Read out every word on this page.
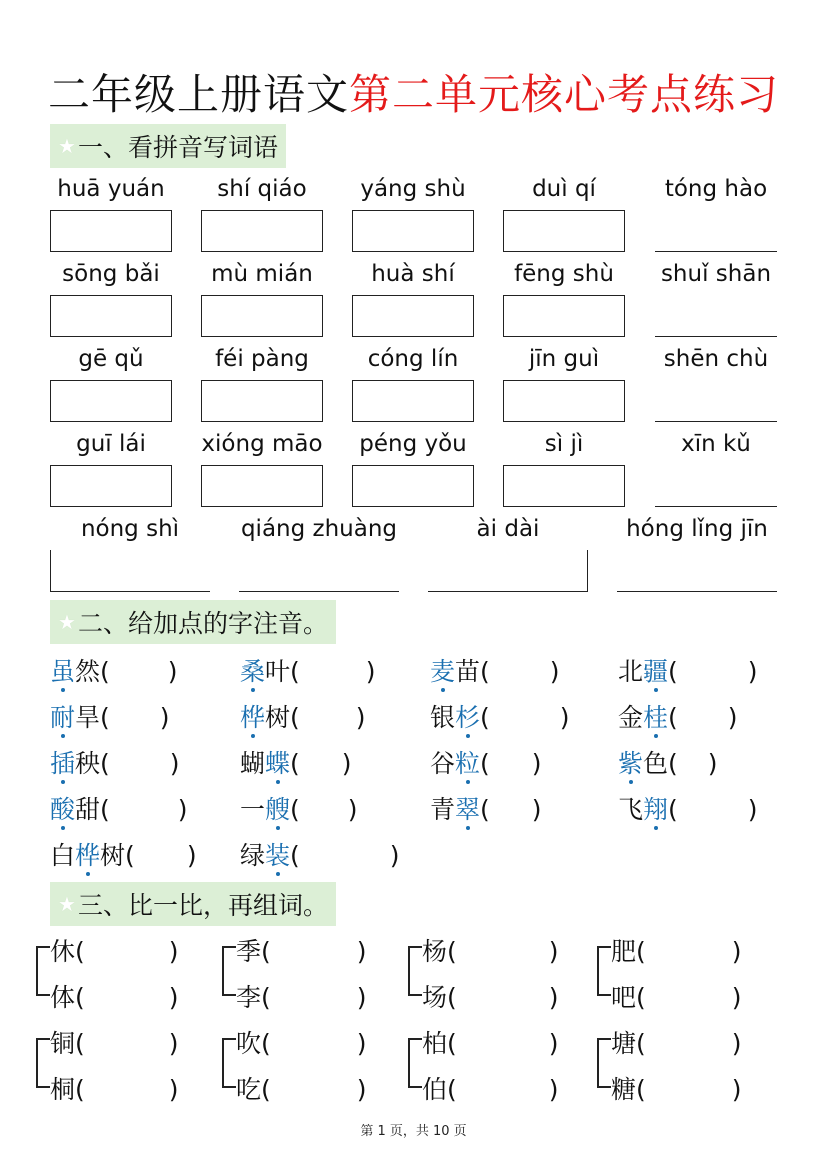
二年级上册语文第二单元核心考点练习
★ 一、看拼音写词语
huā yuán	shí qiáo	yáng shù	duì qí	tóng hào
sōng bǎi	mù mián	huà shí	fēng shù	shuǐ shān
gē qǔ	féi pàng	cóng lín	jīn guì	shēn chù
guī lái	xióng māo	péng yǒu	sì jì	xīn kǔ
nóng shì	qiáng zhuàng	ài dài	hóng lǐng jīn
★ 二、给加点的字注音。
虽 然 ( ) 桑 叶 (	) 麦 苗 ( ) 北 疆 (	)
耐 旱 ( )	桦 树 ( )	银 杉 (	) 金 桂 ( )
插 秧 ( ) 蝴 蝶 ( )	谷 粒 ( )	紫 色 ( )
酸 甜 (	) 一 艘 ( )	青 翠 ( )	飞 翔 (	)
白 桦 树 ( ) 绿 装 (	)
★ 三、比一比，再组词。
休 (	)
体 (	)
季 (	)
李 (	)
杨 (	)
场 (	)
肥 (	)
吧 (	)
铜 (	)
桐 (	)
吹 (	)
吃 (	)
柏 (	)
伯 (	)
塘 (	)
糖 (	)
第 1 页，共 10 页
